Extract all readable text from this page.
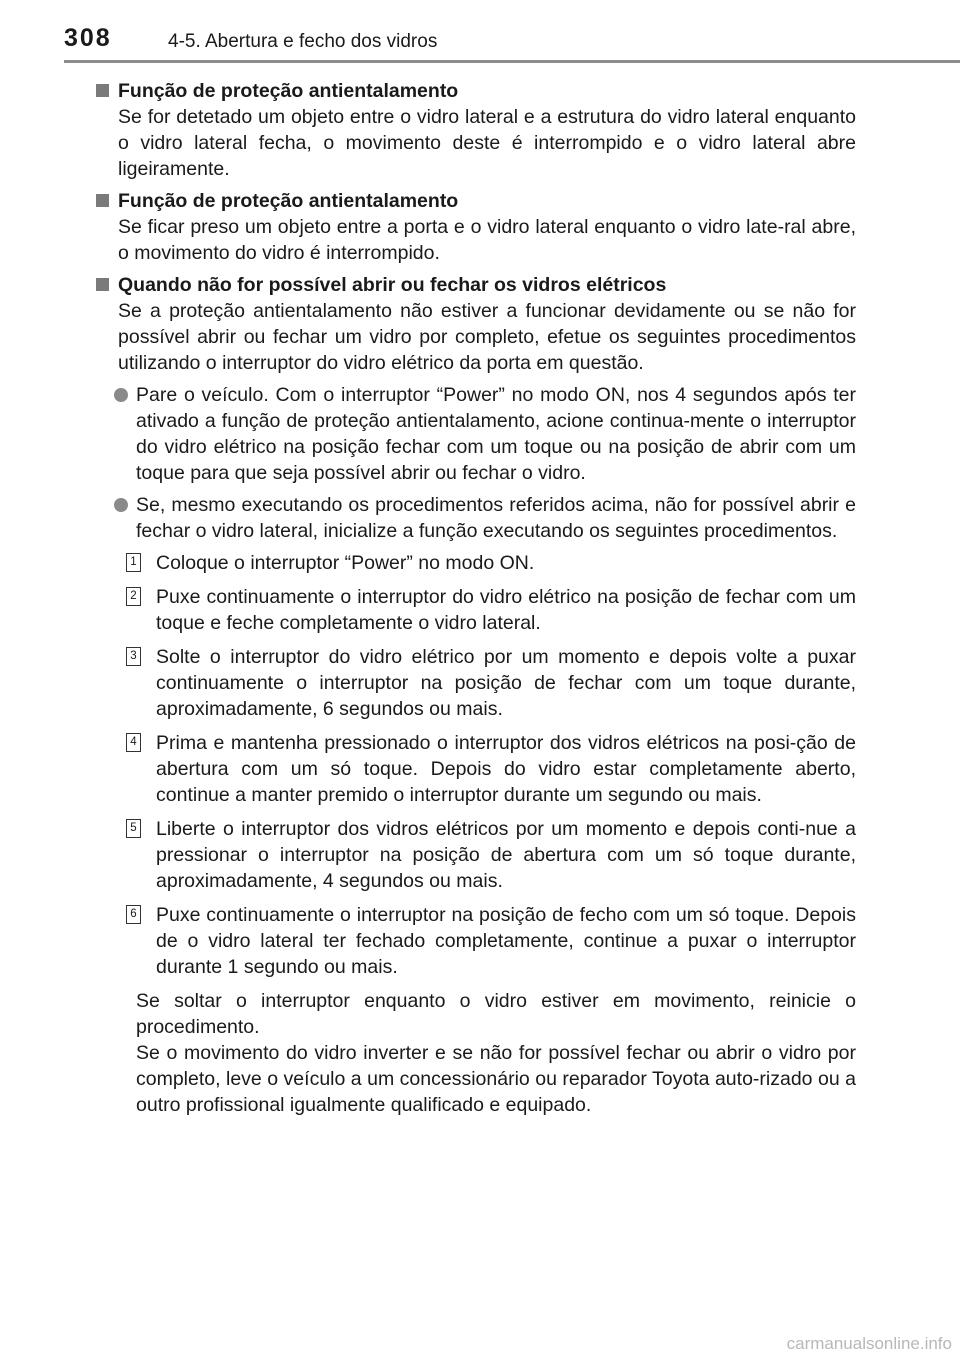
308	4-5. Abertura e fecho dos vidros

Função de proteção antientalamento

Se for detetado um objeto entre o vidro lateral e a estrutura do vidro lateral enquanto o vidro lateral fecha, o movimento deste é interrompido e o vidro lateral abre ligeiramente.

Função de proteção antientalamento

Se ficar preso um objeto entre a porta e o vidro lateral enquanto o vidro late-ral abre, o movimento do vidro é interrompido.

Quando não for possível abrir ou fechar os vidros elétricos

Se a proteção antientalamento não estiver a funcionar devidamente ou se não for possível abrir ou fechar um vidro por completo, efetue os seguintes procedimentos utilizando o interruptor do vidro elétrico da porta em questão.

Pare o veículo. Com o interruptor “Power” no modo ON, nos 4 segundos após ter ativado a função de proteção antientalamento, acione continua-mente o interruptor do vidro elétrico na posição fechar com um toque ou na posição de abrir com um toque para que seja possível abrir ou fechar o vidro.

Se, mesmo executando os procedimentos referidos acima, não for possível abrir e fechar o vidro lateral, inicialize a função executando os seguintes procedimentos.

1 Coloque o interruptor “Power” no modo ON.

2 Puxe continuamente o interruptor do vidro elétrico na posição de fechar com um toque e feche completamente o vidro lateral.

3 Solte o interruptor do vidro elétrico por um momento e depois volte a puxar continuamente o interruptor na posição de fechar com um toque durante, aproximadamente, 6 segundos ou mais.

4 Prima e mantenha pressionado o interruptor dos vidros elétricos na posi-ção de abertura com um só toque. Depois do vidro estar completamente aberto, continue a manter premido o interruptor durante um segundo ou mais.

5 Liberte o interruptor dos vidros elétricos por um momento e depois conti-nue a pressionar o interruptor na posição de abertura com um só toque durante, aproximadamente, 4 segundos ou mais.

6 Puxe continuamente o interruptor na posição de fecho com um só toque. Depois de o vidro lateral ter fechado completamente, continue a puxar o interruptor durante 1 segundo ou mais.

Se soltar o interruptor enquanto o vidro estiver em movimento, reinicie o procedimento.

Se o movimento do vidro inverter e se não for possível fechar ou abrir o vidro por completo, leve o veículo a um concessionário ou reparador Toyota auto-rizado ou a outro profissional igualmente qualificado e equipado.

carmanualsonline.info
